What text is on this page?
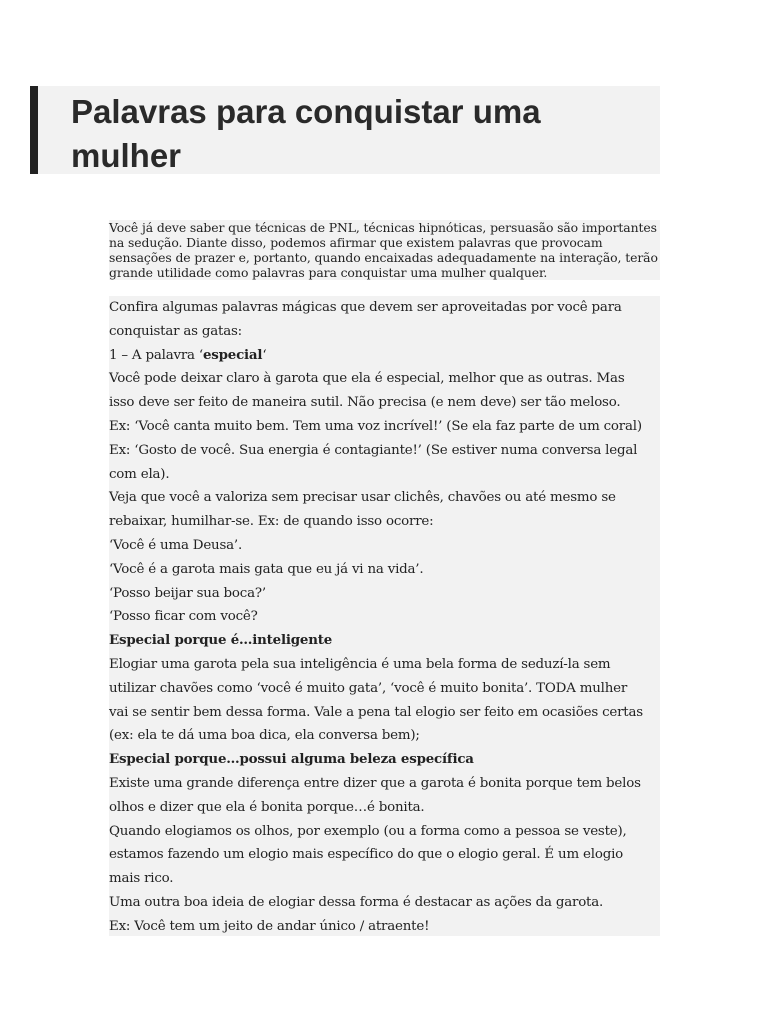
Palavras para conquistar uma mulher

Você já deve saber que técnicas de PNL, técnicas hipnóticas, persuasão são importantes na sedução. Diante disso, podemos afirmar que existem palavras que provocam sensações de prazer e, portanto, quando encaixadas adequadamente na interação, terão grande utilidade como palavras para conquistar uma mulher qualquer.

Confira algumas palavras mágicas que devem ser aproveitadas por você para

conquistar as gatas:

1 – A palavra ‘especial‘

Você pode deixar claro à garota que ela é especial, melhor que as outras. Mas

isso deve ser feito de maneira sutil. Não precisa (e nem deve) ser tão meloso.

Ex: ‘Você canta muito bem. Tem uma voz incrível!’ (Se ela faz parte de um coral)

Ex: ‘Gosto de você. Sua energia é contagiante!’ (Se estiver numa conversa legal

com ela).

Veja que você a valoriza sem precisar usar clichês, chavões ou até mesmo se

rebaixar, humilhar-se. Ex: de quando isso ocorre:

‘Você é uma Deusa’.

‘Você é a garota mais gata que eu já vi na vida’.

‘Posso beijar sua boca?’

‘Posso ficar com você?

Especial porque é…inteligente

Elogiar uma garota pela sua inteligência é uma bela forma de seduzí-la sem

utilizar chavões como ‘você é muito gata’, ‘você é muito bonita’. TODA mulher

vai se sentir bem dessa forma. Vale a pena tal elogio ser feito em ocasiões certas

(ex: ela te dá uma boa dica, ela conversa bem);

Especial porque…possui alguma beleza específica

Existe uma grande diferença entre dizer que a garota é bonita porque tem belos

olhos e dizer que ela é bonita porque…é bonita.

Quando elogiamos os olhos, por exemplo (ou a forma como a pessoa se veste),

estamos fazendo um elogio mais específico do que o elogio geral. É um elogio

mais rico.

Uma outra boa ideia de elogiar dessa forma é destacar as ações da garota.

Ex: Você tem um jeito de andar único / atraente!
